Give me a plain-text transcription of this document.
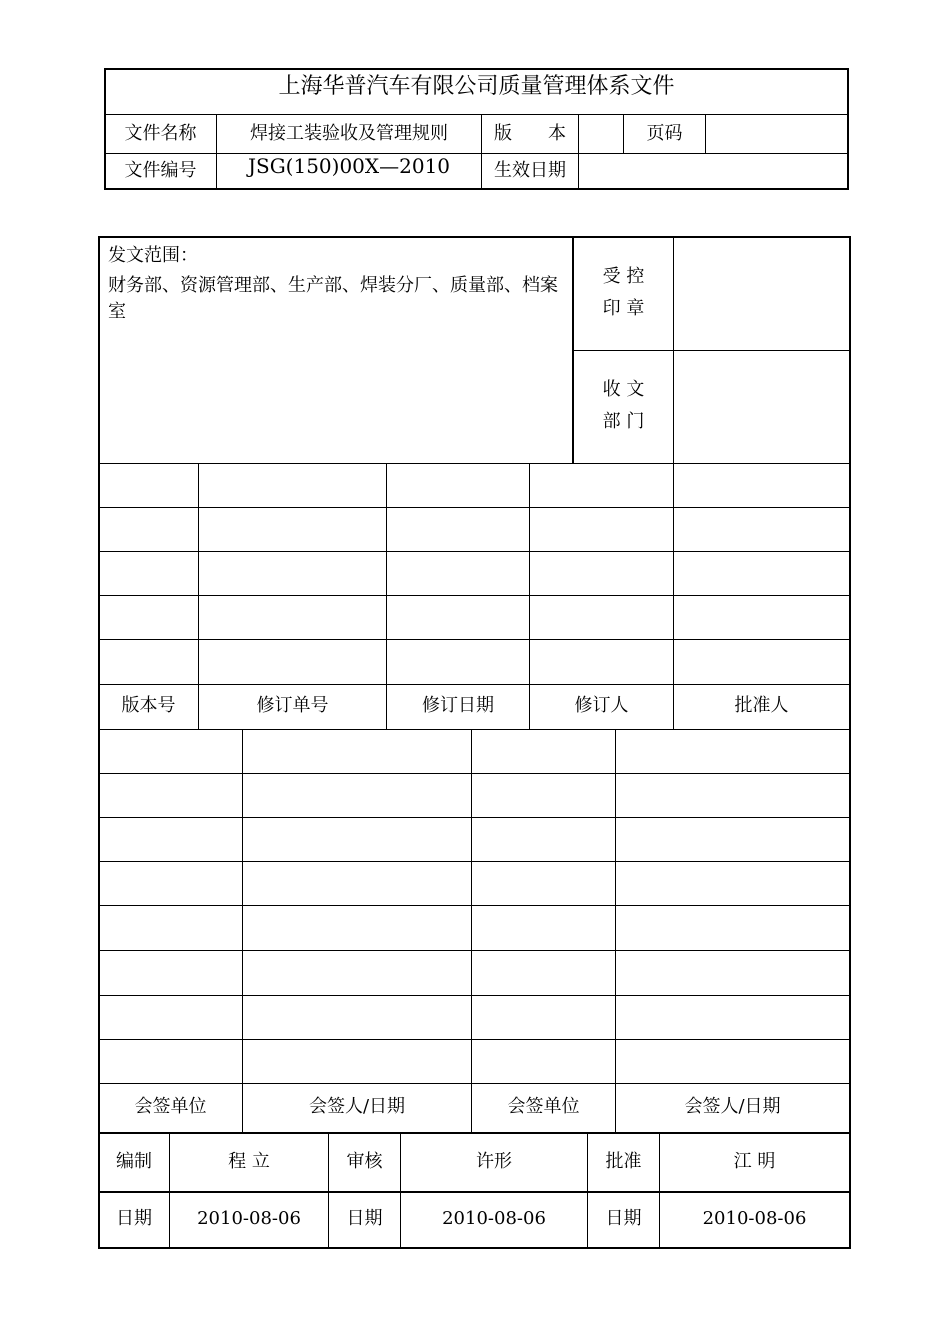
上海华普汽车有限公司质量管理体系文件
文件名称	焊接工装验收及管理规则	版　　本	页码
文件编号	JSG(150)00X—2010	生效日期
发文范围：
财务部、资源管理部、生产部、焊装分厂、质量部、档案室
受 控
印 章
收 文
部 门
版本号	修订单号	修订日期	修订人	批准人
会签单位	会签人/日期	会签单位	会签人/日期
编制	程 立	审核	许形	批准	江 明
日期	2010-08-06	日期	2010-08-06	日期	2010-08-06
